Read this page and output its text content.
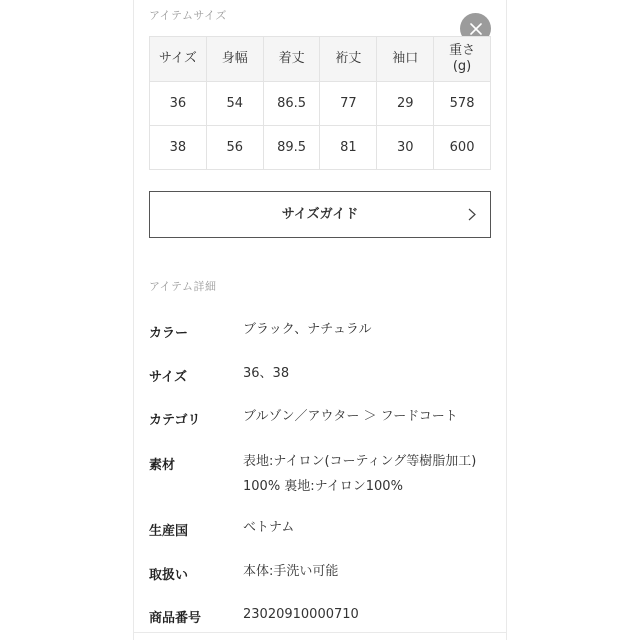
アイテムサイズ
サイズ	身幅	着丈	裄丈	袖口	重さ
(g)
36	54	86.5	77	29	578
38	56	89.5	81	30	600
サイズガイド
アイテム詳細
カラー	ブラック、ナチュラル
サイズ	36、38
カテゴリ	ブルゾン／アウター ＞ フードコート
素材	表地:ナイロン(コーティング等樹脂加工) 100% 裏地:ナイロン100%
生産国	ベトナム
取扱い	本体:手洗い可能
商品番号	23020910000710
